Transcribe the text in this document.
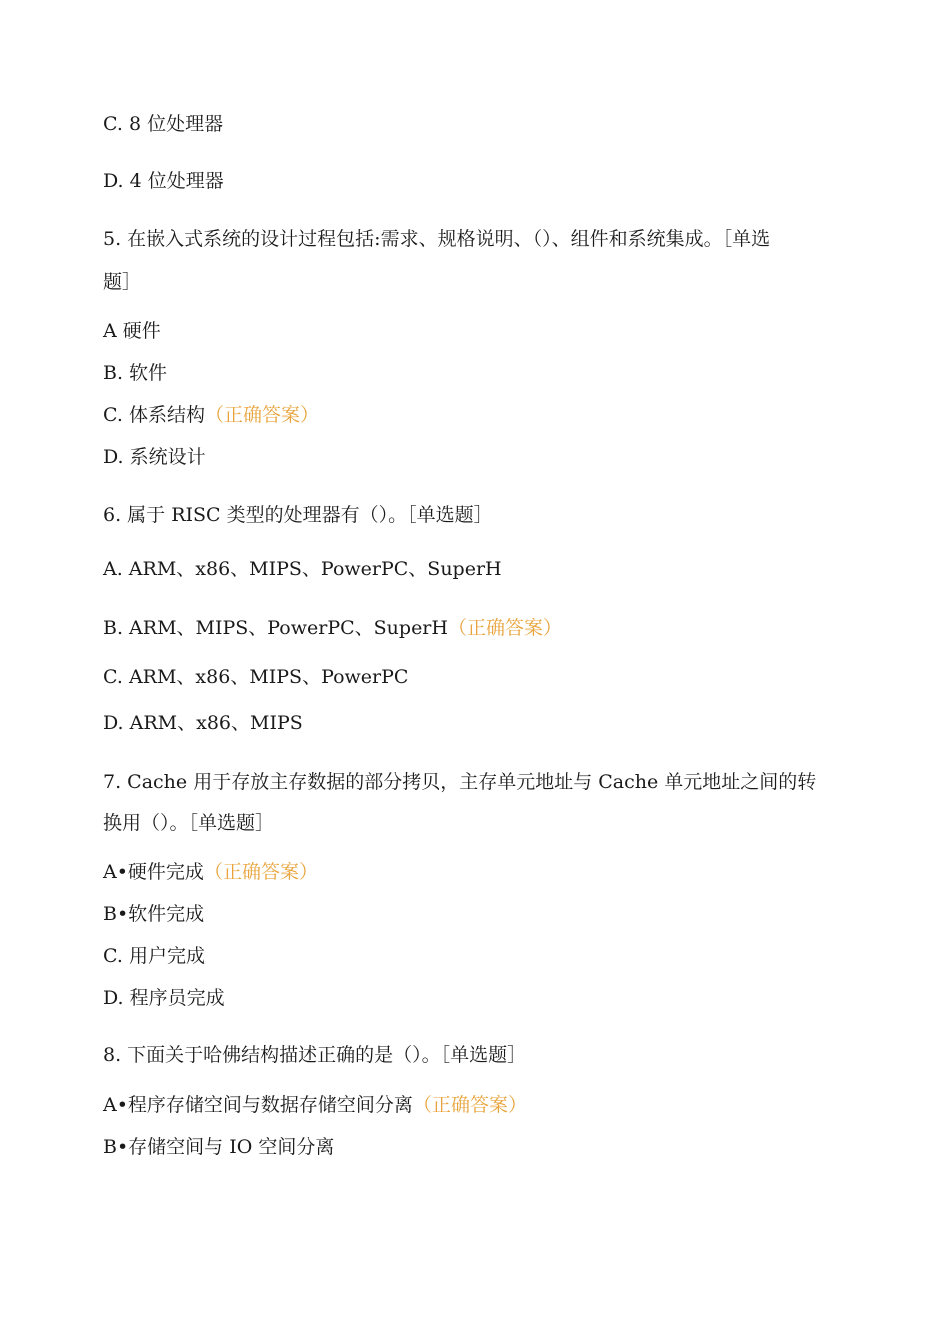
C. 8 位处理器

D. 4 位处理器

5. 在嵌入式系统的设计过程包括:需求、规格说明、（）、组件和系统集成。［单选

题］

A 硬件

B. 软件

C. 体系结构（正确答案）

D. 系统设计

6. 属于 RISC 类型的处理器有（）。［单选题］

A. ARM、x86、MIPS、PowerPC、SuperH

B. ARM、MIPS、PowerPC、SuperH（正确答案）

C. ARM、x86、MIPS、PowerPC

D. ARM、x86、MIPS

7. Cache 用于存放主存数据的部分拷贝，主存单元地址与 Cache 单元地址之间的转

换用（）。［单选题］

A•硬件完成（正确答案）

B•软件完成

C. 用户完成

D. 程序员完成

8. 下面关于哈佛结构描述正确的是（）。［单选题］

A•程序存储空间与数据存储空间分离（正确答案）

B•存储空间与 IO 空间分离
